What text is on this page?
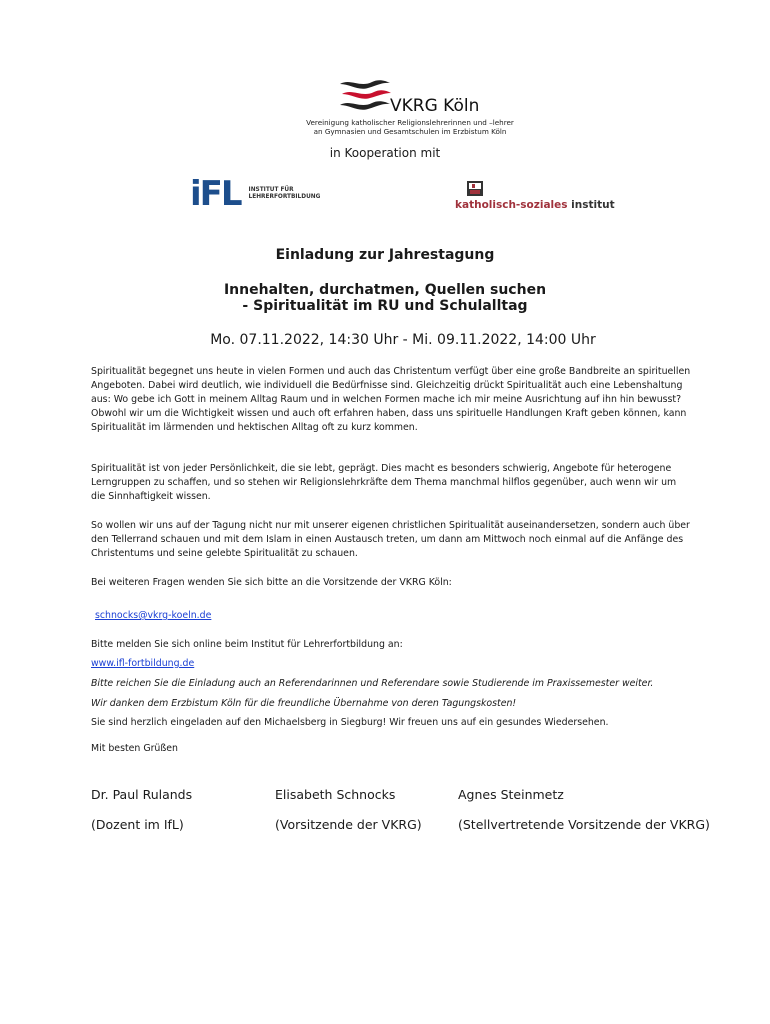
VKRG Köln
Vereinigung katholischer Religionslehrerinnen und –lehrer
an Gymnasien und Gesamtschulen im Erzbistum Köln
in Kooperation mit
iFL INSTITUT FÜR
LEHRERFORTBILDUNG
katholisch-soziales institut
Einladung zur Jahrestagung
Innehalten, durchatmen, Quellen suchen
- Spiritualität im RU und Schulalltag
Mo. 07.11.2022, 14:30 Uhr - Mi. 09.11.2022, 14:00 Uhr
Spiritualität begegnet uns heute in vielen Formen und auch das Christentum verfügt über eine große Bandbreite an spirituellen Angeboten. Dabei wird deutlich, wie individuell die Bedürfnisse sind. Gleichzeitig drückt Spiritualität auch eine Lebenshaltung aus: Wo gebe ich Gott in meinem Alltag Raum und in welchen Formen mache ich mir meine Ausrichtung auf ihn hin bewusst? Obwohl wir um die Wichtigkeit wissen und auch oft erfahren haben, dass uns spirituelle Handlungen Kraft geben können, kann Spiritualität im lärmenden und hektischen Alltag oft zu kurz kommen.
Spiritualität ist von jeder Persönlichkeit, die sie lebt, geprägt. Dies macht es besonders schwierig, Angebote für heterogene Lerngruppen zu schaffen, und so stehen wir Religionslehrkräfte dem Thema manchmal hilflos gegenüber, auch wenn wir um die Sinnhaftigkeit wissen.
So wollen wir uns auf der Tagung nicht nur mit unserer eigenen christlichen Spiritualität auseinandersetzen, sondern auch über den Tellerrand schauen und mit dem Islam in einen Austausch treten, um dann am Mittwoch noch einmal auf die Anfänge des Christentums und seine gelebte Spiritualität zu schauen.
Bei weiteren Fragen wenden Sie sich bitte an die Vorsitzende der VKRG Köln:
schnocks@vkrg-koeln.de
Bitte melden Sie sich online beim Institut für Lehrerfortbildung an:
www.ifl-fortbildung.de
Bitte reichen Sie die Einladung auch an Referendarinnen und Referendare sowie Studierende im Praxissemester weiter.
Wir danken dem Erzbistum Köln für die freundliche Übernahme von deren Tagungskosten!
Sie sind herzlich eingeladen auf den Michaelsberg in Siegburg! Wir freuen uns auf ein gesundes Wiedersehen.
Mit besten Grüßen
Dr. Paul Rulands	Elisabeth Schnocks	Agnes Steinmetz
(Dozent im IfL)	(Vorsitzende der VKRG)	(Stellvertretende Vorsitzende der VKRG)
